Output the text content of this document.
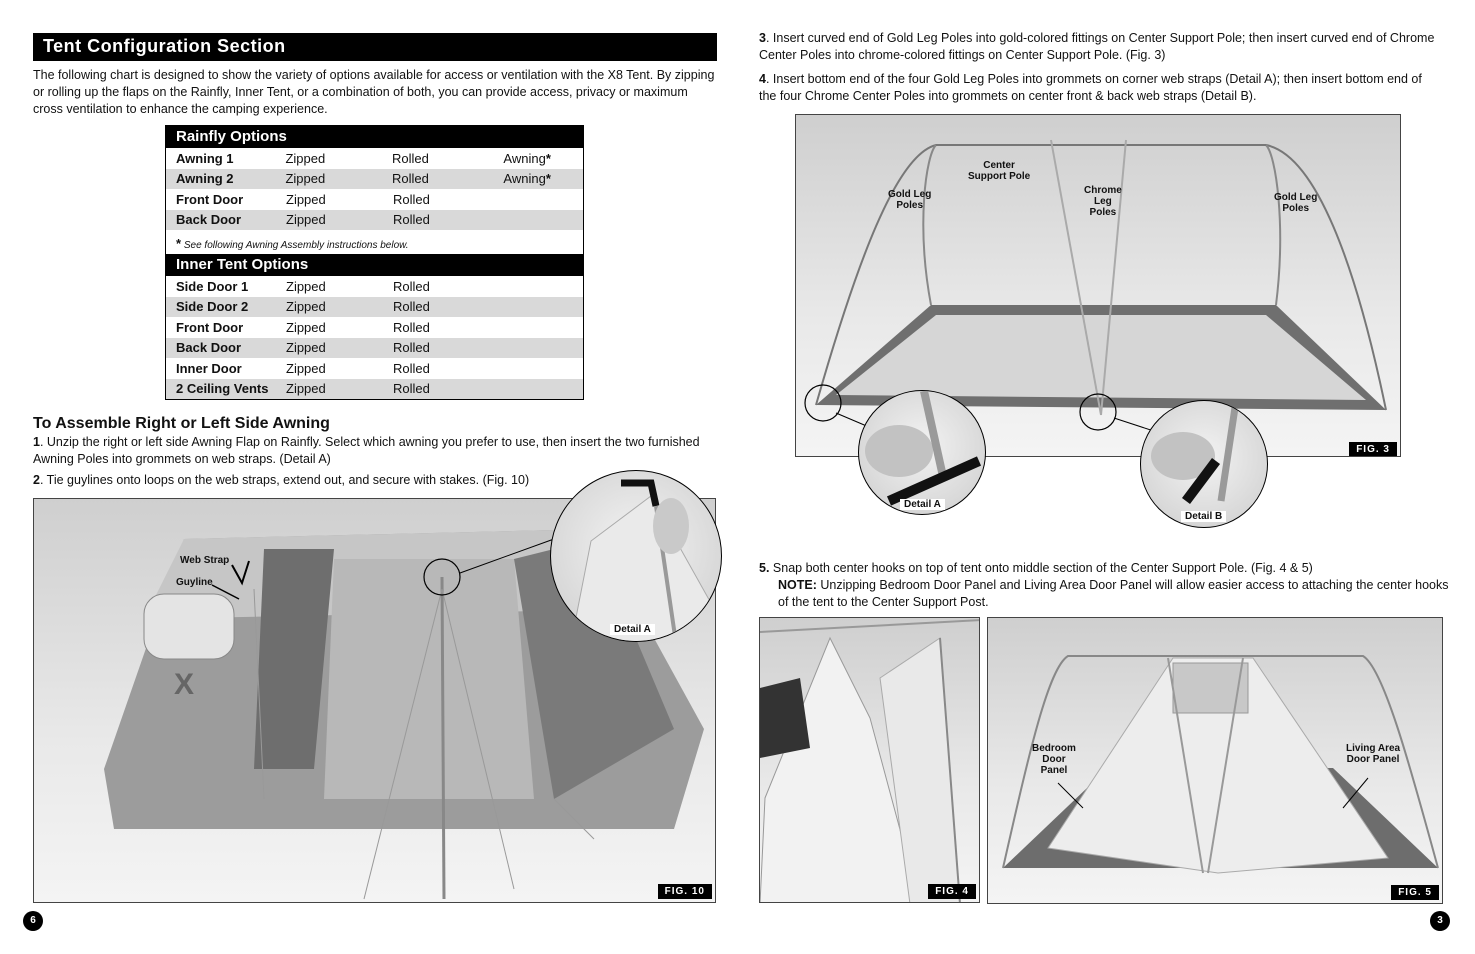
Tent Configuration Section

The following chart is designed to show the variety of options available for access or ventilation with the X8 Tent. By zipping or rolling up the flaps on the Rainfly, Inner Tent, or a combination of both, you can provide access, privacy or maximum cross ventilation to enhance the camping experience.

Rainfly Options
Awning 1	Zipped	Rolled	Awning*
Awning 2	Zipped	Rolled	Awning*
Front Door	Zipped	Rolled
Back Door	Zipped	Rolled
* See following Awning Assembly instructions below.
Inner Tent Options
Side Door 1	Zipped	Rolled
Side Door 2	Zipped	Rolled
Front Door	Zipped	Rolled
Back Door	Zipped	Rolled
Inner Door	Zipped	Rolled
2 Ceiling Vents	Zipped	Rolled
To Assemble Right or Left Side Awning

1. Unzip the right or left side Awning Flap on Rainfly. Select which awning you prefer to use, then insert the two furnished Awning Poles into grommets on web straps. (Detail A)

2. Tie guylines onto loops on the web straps, extend out, and secure with stakes. (Fig. 10)

X
Web Strap
Guyline
FIG. 10
Detail A
6

3. Insert curved end of Gold Leg Poles into gold-colored fittings on Center Support Pole; then insert curved end of Chrome Center Poles into chrome-colored fittings on Center Support Pole. (Fig. 3)

4. Insert bottom end of the four Gold Leg Poles into grommets on corner web straps (Detail A); then insert bottom end of the four Chrome Center Poles into grommets on center front & back web straps (Detail B).

Gold Leg
Poles
Center
Support Pole
Chrome
Leg
Poles
Gold Leg
Poles
FIG. 3
Detail A
Detail B

5. Snap both center hooks on top of tent onto middle section of the Center Support Pole. (Fig. 4 & 5)
NOTE: Unzipping Bedroom Door Panel and Living Area Door Panel will allow easier access to attaching the center hooks of the tent to the Center Support Post.

FIG. 4
Bedroom
Door
Panel
Living Area
Door Panel
FIG. 5
3
